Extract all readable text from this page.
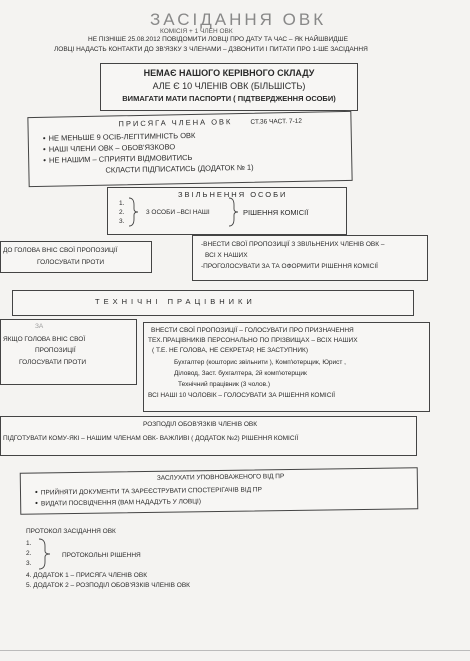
ЗАСІДАННЯ ОВК
КОМІСІЯ + 1 ЧЛЕН ОВК
НЕ ПІЗНІШЕ 25.08.2012 ПОВІДОМИТИ ЛОВЦІ ПРО ДАТУ ТА ЧАС – ЯК НАЙШВИДШЕ
ЛОВЦІ НАДАСТЬ КОНТАКТИ ДО ЗВ'ЯЗКУ З ЧЛЕНАМИ – ДЗВОНИТИ І ПИТАТИ ПРО 1-ШЕ ЗАСІДАННЯ
НЕМАЄ НАШОГО КЕРІВНОГО СКЛАДУ
АЛЕ Є 10 ЧЛЕНІВ ОВК (БІЛЬШІСТЬ)
ВИМАГАТИ МАТИ ПАСПОРТИ ( ПІДТВЕРДЖЕННЯ ОСОБИ)
ПРИСЯГА ЧЛЕНА ОВК	СТ.36 ЧАСТ. 7-12
• НЕ МЕНЬШЕ 9 ОСІБ-ЛЕГІТИМНІСТЬ ОВК
• НАШІ ЧЛЕНИ ОВК – ОБОВ'ЯЗКОВО
• НЕ НАШИМ – СПРИЯТИ ВІДМОВИТИСЬ
СКЛАСТИ ПІДПИСАТИСЬ (ДОДАТОК № 1)
ЗВІЛЬНЕННЯ ОСОБИ
1.
2.
3.
3 ОСОБИ –ВСІ НАШІ	РІШЕННЯ КОМІСІЇ
ДО ГОЛОВА ВНІС СВОЇ ПРОПОЗИЦІЇ
ГОЛОСУВАТИ ПРОТИ
-ВНЕСТИ СВОЇ ПРОПОЗИЦІЇ З ЗВІЛЬНЕНИХ ЧЛЕНІВ ОВК –
ВСІ Х НАШИХ
-ПРОГОЛОСУВАТИ ЗА ТА ОФОРМИТИ РІШЕННЯ КОМІСІЇ
ТЕХНІЧНІ ПРАЦІВНИКИ
ЗА
ЯКЩО ГОЛОВА ВНІС СВОЇ
ПРОПОЗИЦІЇ
ГОЛОСУВАТИ ПРОТИ
ВНЕСТИ СВОЇ ПРОПОЗИЦІЇ – ГОЛОСУВАТИ ПРО ПРИЗНАЧЕННЯ
ТЕХ.ПРАЦІВНИКІВ ПЕРСОНАЛЬНО ПО ПРІЗВИЩАХ – ВСІХ НАШИХ
( Т.Е. НЕ ГОЛОВА, НЕ СЕКРЕТАР, НЕ ЗАСТУПНИК)
Бухгалтер (кошторис звільнити ), Комп'ютерщик, Юрист ,
Діловод, Заст. бухгалтера, 2й комп'ютерщик
Технічний працівник (3 чолов.)
ВСІ НАШІ 10 ЧОЛОВІК – ГОЛОСУВАТИ ЗА РІШЕННЯ КОМІСІЇ
РОЗПОДІЛ ОБОВ'ЯЗКІВ ЧЛЕНІВ ОВК
ПІДГОТУВАТИ КОМУ-ЯКІ – НАШИМ ЧЛЕНАМ ОВК- ВАЖЛИВІ ( ДОДАТОК №2) РІШЕННЯ КОМІСІЇ
ЗАСЛУХАТИ УПОВНОВАЖЕНОГО ВІД ПР
• ПРИЙНЯТИ ДОКУМЕНТИ ТА ЗАРЕЄСТРУВАТИ СПОСТЕРІГАЧІВ ВІД ПР
• ВИДАТИ ПОСВІДЧЕННЯ (ВАМ НАДАДУТЬ У ЛОВЦІ)
ПРОТОКОЛ ЗАСІДАННЯ ОВК
1.
2.
3.
ПРОТОКОЛЬНІ РІШЕННЯ
4. ДОДАТОК 1 – ПРИСЯГА ЧЛЕНІВ ОВК
5. ДОДАТОК 2 – РОЗПОДІЛ ОБОВ'ЯЗКІВ ЧЛЕНІВ ОВК
